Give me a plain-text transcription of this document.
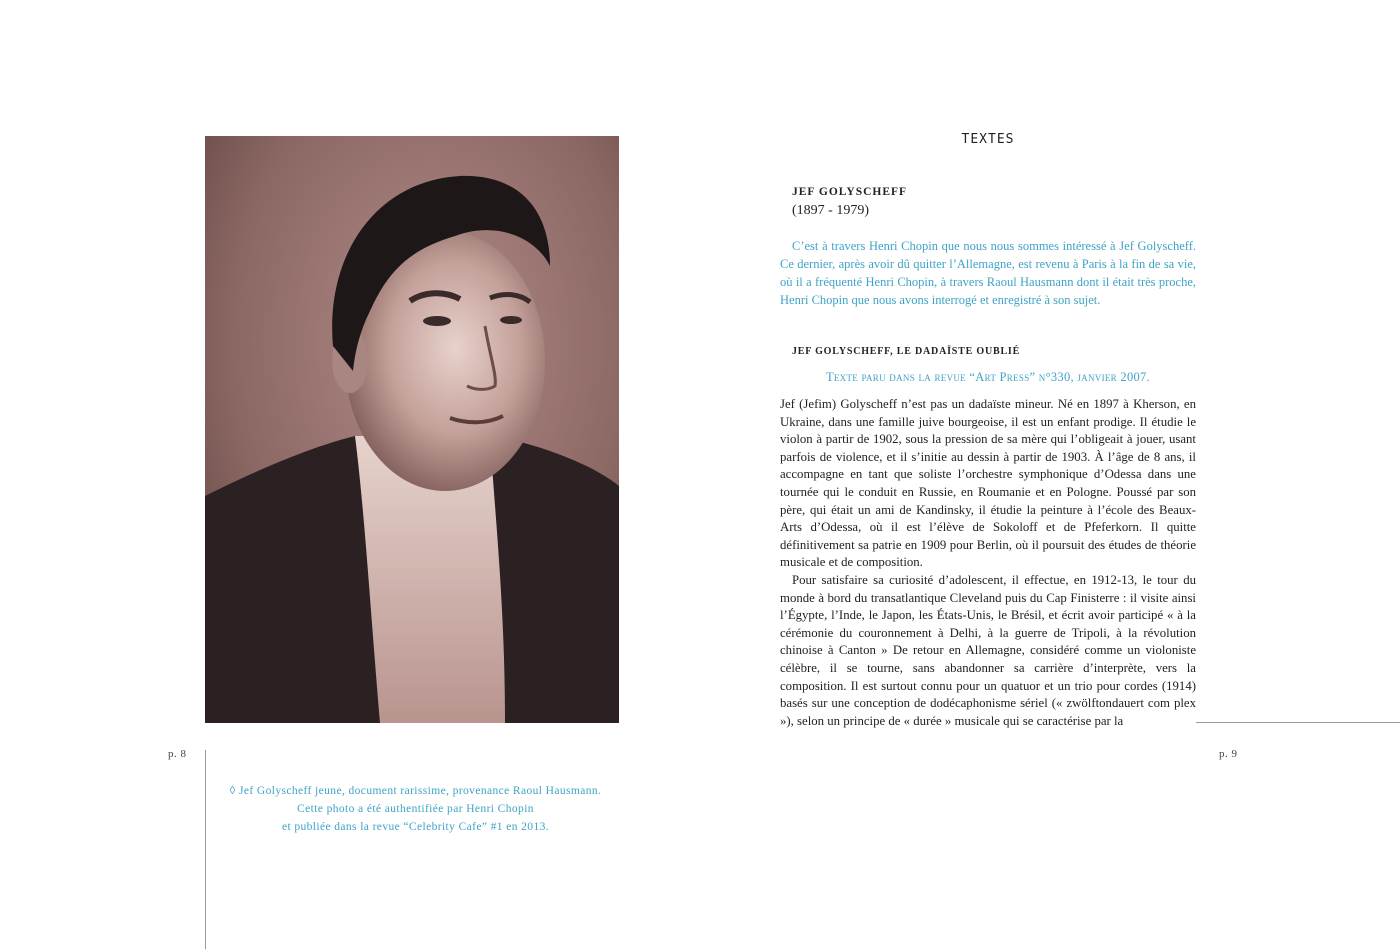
p. 8	p. 9
◊ Jef Golyscheff jeune, document rarissime, provenance Raoul Hausmann.
Cette photo a été authentifiée par Henri Chopin
et publiée dans la revue “Celebrity Cafe” #1 en 2013.
TEXTES
JEF GOLYSCHEFF
(1897 - 1979)

C’est à travers Henri Chopin que nous nous sommes intéressé à Jef Golyscheff. Ce dernier, après avoir dû quitter l’Allemagne, est revenu à Paris à la fin de sa vie, où il a fréquenté Henri Chopin, à travers Raoul Hausmann dont il était très proche, Henri Chopin que nous avons interrogé et enregistré à son sujet.

JEF GOLYSCHEFF, LE DADAÏSTE OUBLIÉ
Texte paru dans la revue “Art Press” n°330, janvier 2007.

Jef (Jefim) Golyscheff n’est pas un dadaïste mineur. Né en 1897 à Kherson, en Ukraine, dans une famille juive bourgeoise, il est un enfant prodige. Il étudie le violon à partir de 1902, sous la pression de sa mère qui l’obligeait à jouer, usant parfois de violence, et il s’initie au dessin à partir de 1903. À l’âge de 8 ans, il accompagne en tant que soliste l’orchestre symphonique d’Odessa dans une tournée qui le conduit en Russie, en Roumanie et en Pologne. Poussé par son père, qui était un ami de Kandinsky, il étudie la peinture à l’école des Beaux-Arts d’Odessa, où il est l’élève de Sokoloff et de Pfeferkorn. Il quitte définitivement sa patrie en 1909 pour Berlin, où il poursuit des études de théorie musicale et de composition.

Pour satisfaire sa curiosité d’adolescent, il effectue, en 1912-13, le tour du monde à bord du transatlantique Cleveland puis du Cap Finisterre : il visite ainsi l’Égypte, l’Inde, le Japon, les États-Unis, le Brésil, et écrit avoir participé « à la cérémonie du couronnement à Delhi, à la guerre de Tripoli, à la révolution chinoise à Canton » De retour en Allemagne, considéré comme un violoniste célèbre, il se tourne, sans abandonner sa carrière d’interprète, vers la composition. Il est surtout connu pour un quatuor et un trio pour cordes (1914) basés sur une conception de dodécaphonisme sériel (« zwölftondauert com plex »), selon un principe de « durée » musicale qui se caractérise par la
